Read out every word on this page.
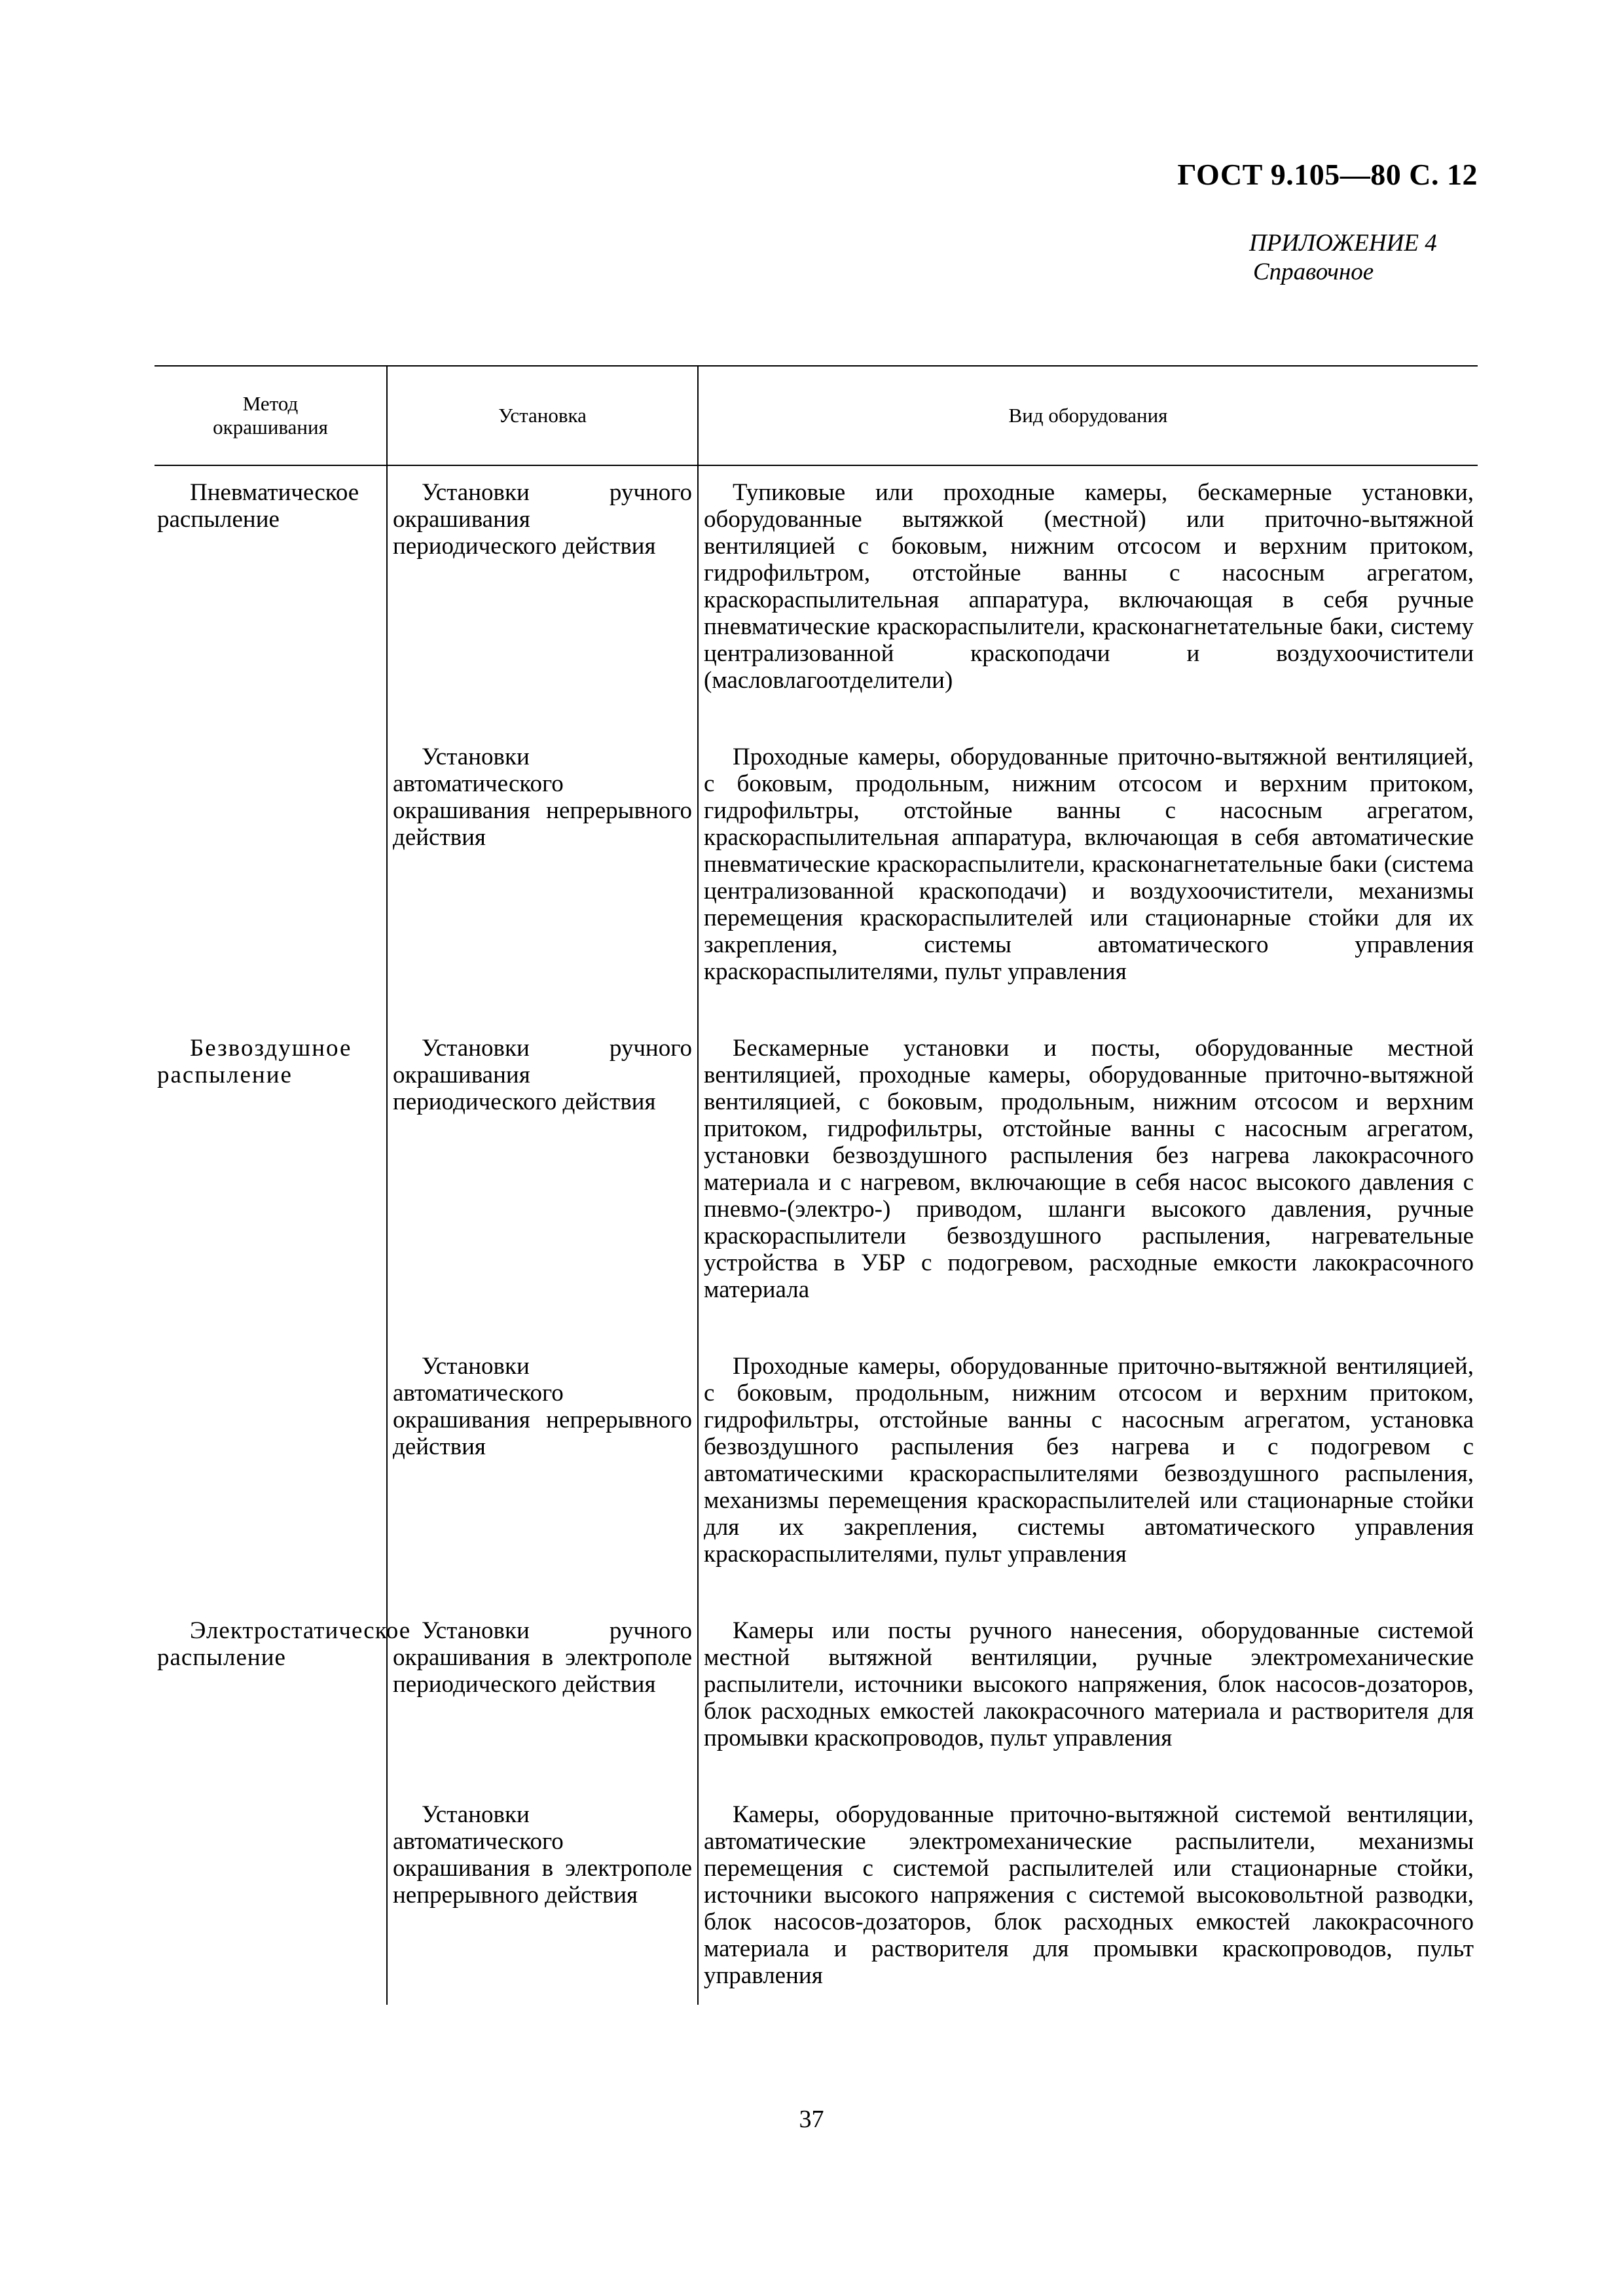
ГОСТ 9.105—80 С. 12
ПРИЛОЖЕНИЕ 4
Справочное
Метод окрашивания	Установка	Вид оборудования
Пневматическое распыление	Установки ручного окрашивания периодического действия	Тупиковые или проходные камеры, бескамерные установки, оборудованные вытяжкой (местной) или приточно-вытяжной вентиляцией с боковым, нижним отсосом и верхним притоком, гидрофильтром, отстойные ванны с насосным агрегатом, краскораспылительная аппаратура, включающая в себя ручные пневматические краскораспылители, красконагнетательные баки, систему централизованной краскоподачи и воздухоочистители (масловлагоотделители)

	Установки автоматического окрашивания непрерывного действия	Проходные камеры, оборудованные приточно-вытяжной вентиляцией, с боковым, продольным, нижним отсосом и верхним притоком, гидрофильтры, отстойные ванны с насосным агрегатом, краскораспылительная аппаратура, включающая в себя автоматические пневматические краскораспылители, красконагнетательные баки (система централизованной краскоподачи) и воздухоочистители, механизмы перемещения краскораспылителей или стационарные стойки для их закрепления, системы автоматического управления краскораспылителями, пульт управления

Безвоздушное распыление	Установки ручного окрашивания периодического действия	Бескамерные установки и посты, оборудованные местной вентиляцией, проходные камеры, оборудованные приточно-вытяжной вентиляцией, с боковым, продольным, нижним отсосом и верхним притоком, гидрофильтры, отстойные ванны с насосным агрегатом, установки безвоздушного распыления без нагрева лакокрасочного материала и с нагревом, включающие в себя насос высокого давления с пневмо-(электро-) приводом, шланги высокого давления, ручные краскораспылители безвоздушного распыления, нагревательные устройства в УБР с подогревом, расходные емкости лакокрасочного материала

	Установки автоматического окрашивания непрерывного действия	Проходные камеры, оборудованные приточно-вытяжной вентиляцией, с боковым, продольным, нижним отсосом и верхним притоком, гидрофильтры, отстойные ванны с насосным агрегатом, установка безвоздушного распыления без нагрева и с подогревом с автоматическими краскораспылителями безвоздушного распыления, механизмы перемещения краскораспылителей или стационарные стойки для их закрепления, системы автоматического управления краскораспылителями, пульт управления

Электростатическое распыление	Установки ручного окрашивания в электрополе периодического действия	Камеры или посты ручного нанесения, оборудованные системой местной вытяжной вентиляции, ручные электромеханические распылители, источники высокого напряжения, блок насосов-дозаторов, блок расходных емкостей лакокрасочного материала и растворителя для промывки краскопроводов, пульт управления

	Установки автоматического окрашивания в электрополе непрерывного действия	Камеры, оборудованные приточно-вытяжной системой вентиляции, автоматические электромеханические распылители, механизмы перемещения с системой распылителей или стационарные стойки, источники высокого напряжения с системой высоковольтной разводки, блок насосов-дозаторов, блок расходных емкостей лакокрасочного материала и растворителя для промывки краскопроводов, пульт управления

37
